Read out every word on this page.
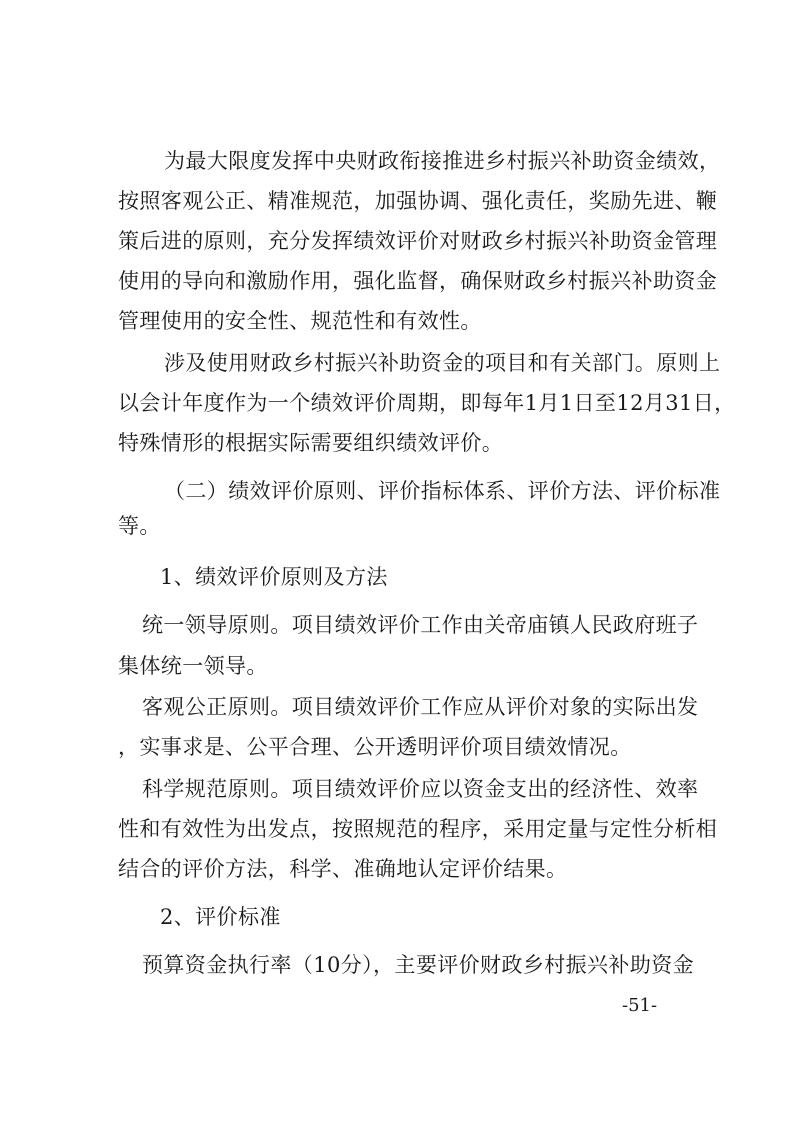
为最大限度发挥中央财政衔接推进乡村振兴补助资金绩效，
按照客观公正、精准规范，加强协调、强化责任，奖励先进、鞭
策后进的原则，充分发挥绩效评价对财政乡村振兴补助资金管理
使用的导向和激励作用，强化监督，确保财政乡村振兴补助资金
管理使用的安全性、规范性和有效性。
涉及使用财政乡村振兴补助资金的项目和有关部门。原则上
以会计年度作为一个绩效评价周期，即每年1月1日至12月31日，
特殊情形的根据实际需要组织绩效评价。
（二）绩效评价原则、评价指标体系、评价方法、评价标准
等。
1、绩效评价原则及方法
统一领导原则。项目绩效评价工作由关帝庙镇人民政府班子
集体统一领导。
客观公正原则。项目绩效评价工作应从评价对象的实际出发
，实事求是、公平合理、公开透明评价项目绩效情况。
科学规范原则。项目绩效评价应以资金支出的经济性、效率
性和有效性为出发点，按照规范的程序，采用定量与定性分析相
结合的评价方法，科学、准确地认定评价结果。
2、评价标准
预算资金执行率（10分），主要评价财政乡村振兴补助资金
-51-
